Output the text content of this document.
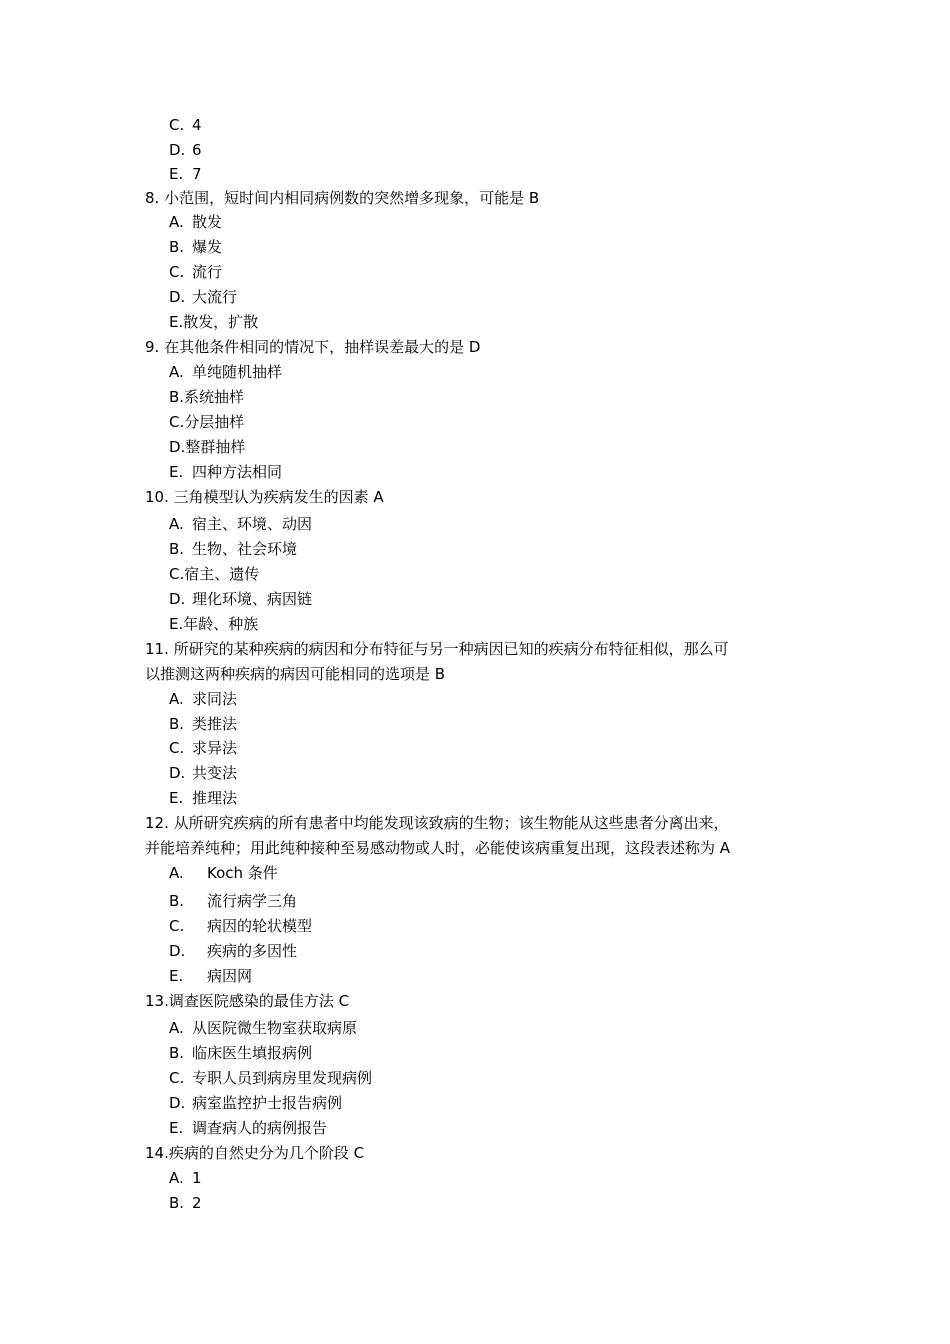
C. 4
D. 6
E. 7
8. 小范围，短时间内相同病例数的突然增多现象，可能是 B
A. 散发
B. 爆发
C. 流行
D. 大流行
E.散发，扩散
9. 在其他条件相同的情况下，抽样误差最大的是 D
A. 单纯随机抽样
B.系统抽样
C.分层抽样
D.整群抽样
E. 四种方法相同
10. 三角模型认为疾病发生的因素 A
A. 宿主、环境、动因
B. 生物、社会环境
C.宿主、遗传
D. 理化环境、病因链
E.年龄、种族
11. 所研究的某种疾病的病因和分布特征与另一种病因已知的疾病分布特征相似，那么可
以推测这两种疾病的病因可能相同的选项是 B
A. 求同法
B. 类推法
C. 求异法
D. 共变法
E. 推理法
12. 从所研究疾病的所有患者中均能发现该致病的生物；该生物能从这些患者分离出来，
并能培养纯种；用此纯种接种至易感动物或人时，必能使该病重复出现，这段表述称为 A
A. Koch 条件
B. 流行病学三角
C. 病因的轮状模型
D. 疾病的多因性
E. 病因网
13.调查医院感染的最佳方法 C
A. 从医院微生物室获取病原
B. 临床医生填报病例
C. 专职人员到病房里发现病例
D. 病室监控护士报告病例
E. 调查病人的病例报告
14.疾病的自然史分为几个阶段 C
A. 1
B. 2
